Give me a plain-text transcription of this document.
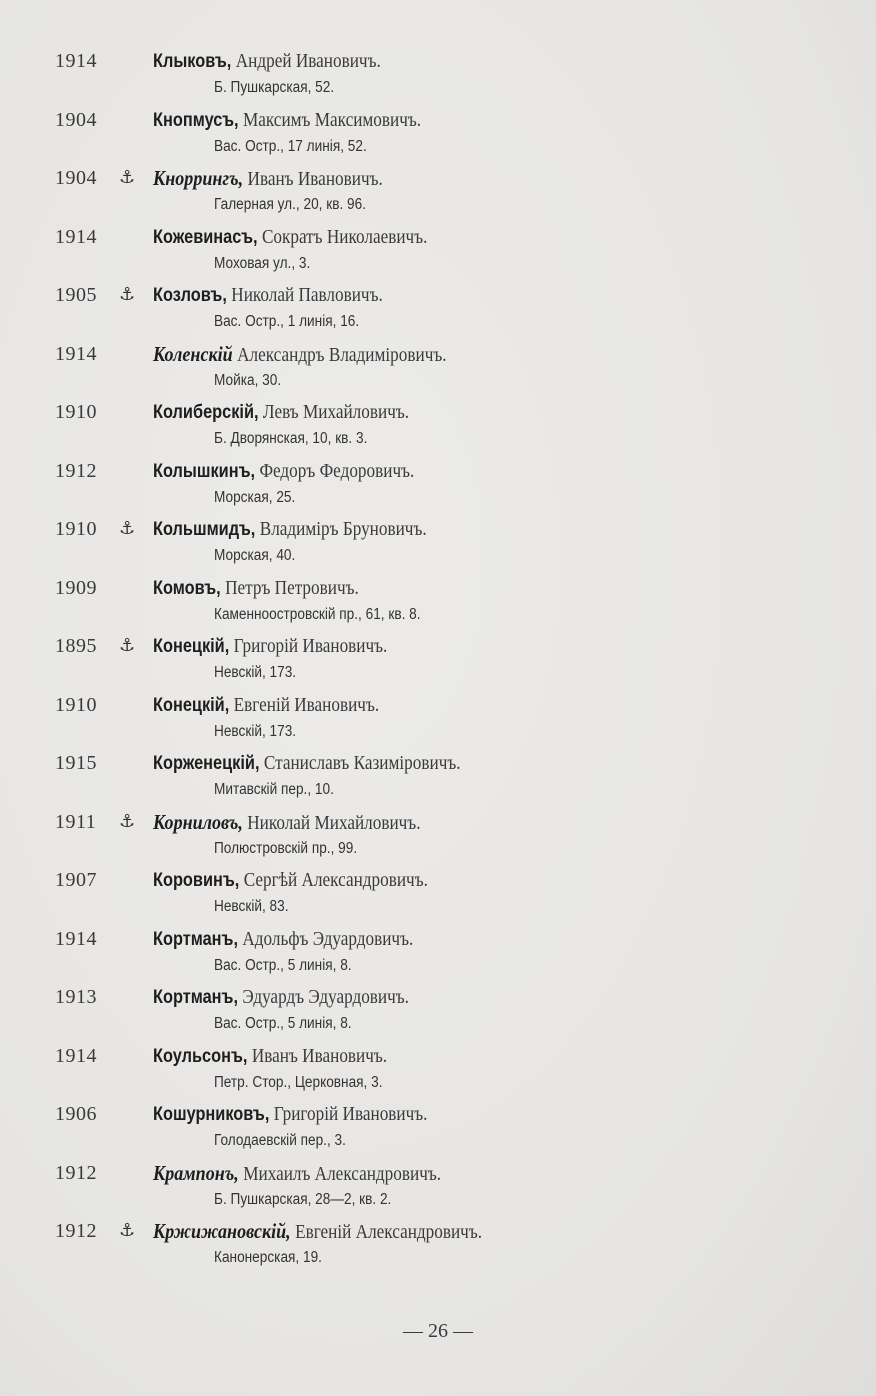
1914	Клыковъ, Андрей Ивановичъ.
Б. Пушкарская, 52.
1904	Кнопмусъ, Максимъ Максимовичъ.
Вас. Остр., 17 линія, 52.
1904 ⚓ Кноррингъ, Иванъ Ивановичъ.
Галерная ул., 20, кв. 96.
1914	Кожевинасъ, Сократъ Николаевичъ.
Моховая ул., 3.
1905 ⚓ Козловъ, Николай Павловичъ.
Вас. Остр., 1 линія, 16.
1914	Коленскій Александръ Владиміровичъ.
Мойка, 30.
1910	Колиберскій, Левъ Михайловичъ.
Б. Дворянская, 10, кв. 3.
1912	Колышкинъ, Федоръ Федоровичъ.
Морская, 25.
1910 ⚓ Кольшмидъ, Владиміръ Бруновичъ.
Морская, 40.
1909	Комовъ, Петръ Петровичъ.
Каменноостровскій пр., 61, кв. 8.
1895 ⚓ Конецкій, Григорій Ивановичъ.
Невскій, 173.
1910	Конецкій, Евгеній Ивановичъ.
Невскій, 173.
1915	Корженецкій, Станиславъ Казиміровичъ.
Митавскій пер., 10.
1911 ⚓ Корниловъ, Николай Михайловичъ.
Полюстровскій пр., 99.
1907	Коровинъ, Сергѣй Александровичъ.
Невскій, 83.
1914	Кортманъ, Адольфъ Эдуардовичъ.
Вас. Остр., 5 линія, 8.
1913	Кортманъ, Эдуардъ Эдуардовичъ.
Вас. Остр., 5 линія, 8.
1914	Коульсонъ, Иванъ Ивановичъ.
Петр. Стор., Церковная, 3.
1906	Кошурниковъ, Григорій Ивановичъ.
Голодаевскій пер., 3.
1912	Крампонъ, Михаилъ Александровичъ.
Б. Пушкарская, 28—2, кв. 2.
1912 ⚓ Кржижановскій, Евгеній Александровичъ.
Канонерская, 19.
— 26 —
